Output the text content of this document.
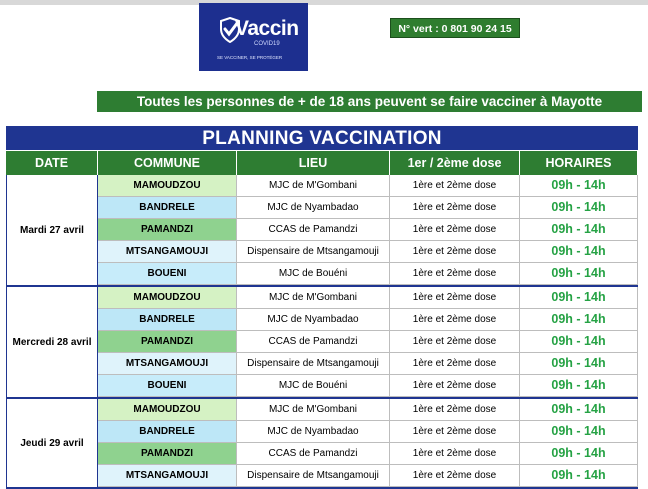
Vaccin
COVID19
SE VACCINER, SE PROTÉGER
N° vert : 0 801 90 24 15
Toutes les personnes de + de 18 ans peuvent se faire vacciner à Mayotte
PLANNING VACCINATION
DATE	COMMUNE	LIEU	1er / 2ème dose	HORAIRES
Mardi 27 avril
MAMOUDZOU	MJC de M'Gombani	1ère et 2ème dose	09h - 14h
BANDRELE	MJC de Nyambadao	1ère et 2ème dose	09h - 14h
PAMANDZI	CCAS de Pamandzi	1ère et 2ème dose	09h - 14h
MTSANGAMOUJI	Dispensaire de Mtsangamouji	1ère et 2ème dose	09h - 14h
BOUENI	MJC de Bouéni	1ère et 2ème dose	09h - 14h
Mercredi 28 avril
MAMOUDZOU	MJC de M'Gombani	1ère et 2ème dose	09h - 14h
BANDRELE	MJC de Nyambadao	1ère et 2ème dose	09h - 14h
PAMANDZI	CCAS de Pamandzi	1ère et 2ème dose	09h - 14h
MTSANGAMOUJI	Dispensaire de Mtsangamouji	1ère et 2ème dose	09h - 14h
BOUENI	MJC de Bouéni	1ère et 2ème dose	09h - 14h
Jeudi 29 avril
MAMOUDZOU	MJC de M'Gombani	1ère et 2ème dose	09h - 14h
BANDRELE	MJC de Nyambadao	1ère et 2ème dose	09h - 14h
PAMANDZI	CCAS de Pamandzi	1ère et 2ème dose	09h - 14h
MTSANGAMOUJI	Dispensaire de Mtsangamouji	1ère et 2ème dose	09h - 14h
